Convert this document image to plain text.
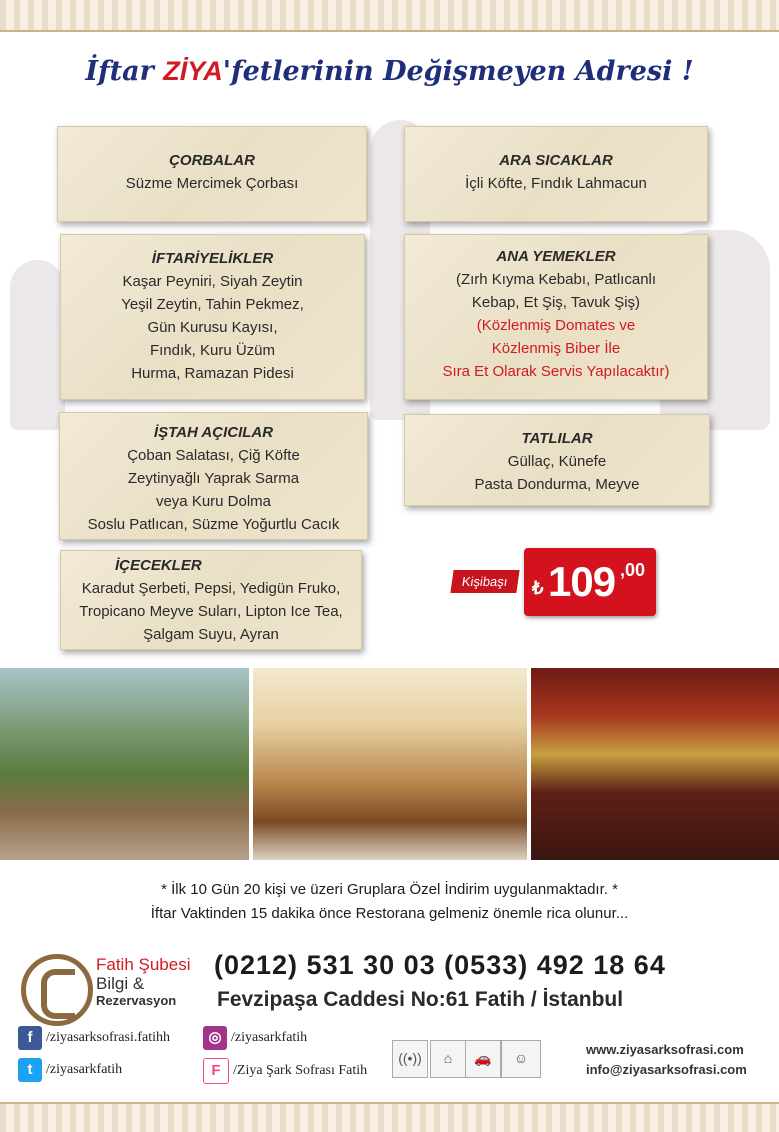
İftar ZİYA'fetlerinin Değişmeyen Adresi !
ÇORBALAR
Süzme Mercimek Çorbası
ARA SICAKLAR
İçli Köfte, Fındık Lahmacun
İFTARİYELİKLER
Kaşar Peyniri, Siyah Zeytin
Yeşil Zeytin, Tahin Pekmez,
Gün Kurusu Kayısı,
Fındık, Kuru Üzüm
Hurma, Ramazan Pidesi
ANA YEMEKLER
(Zırh Kıyma Kebabı, Patlıcanlı
Kebap, Et Şiş, Tavuk Şiş)
(Közlenmiş Domates ve
Közlenmiş Biber İle
Sıra Et Olarak Servis Yapılacaktır)
İŞTAH AÇICILAR
Çoban Salatası, Çiğ Köfte
Zeytinyağlı Yaprak Sarma
veya Kuru Dolma
Soslu Patlıcan, Süzme Yoğurtlu Cacık
TATLILAR
Güllaç, Künefe
Pasta Dondurma, Meyve
İÇECEKLER
Karadut Şerbeti, Pepsi, Yedigün Fruko,
Tropicano Meyve Suları, Lipton Ice Tea,
Şalgam Suyu, Ayran
Kişibaşı	₺ 109 ,00
* İlk 10 Gün 20 kişi ve üzeri Gruplara Özel İndirim uygulanmaktadır. *
İftar Vaktinden 15 dakika önce Restorana gelmeniz önemle rica olunur...
Fatih Şubesi
Bilgi &
Rezervasyon
(0212) 531 30 03 (0533) 492 18 64
Fevzipaşa Caddesi No:61 Fatih / İstanbul
f /ziyasarksofrasi.fatihh	◎ /ziyasarkfatih
t /ziyasarkfatih	F /Ziya Şark Sofrası Fatih
((•))	⌂	🚗	☺
www.ziyasarksofrasi.com
info@ziyasarksofrasi.com
